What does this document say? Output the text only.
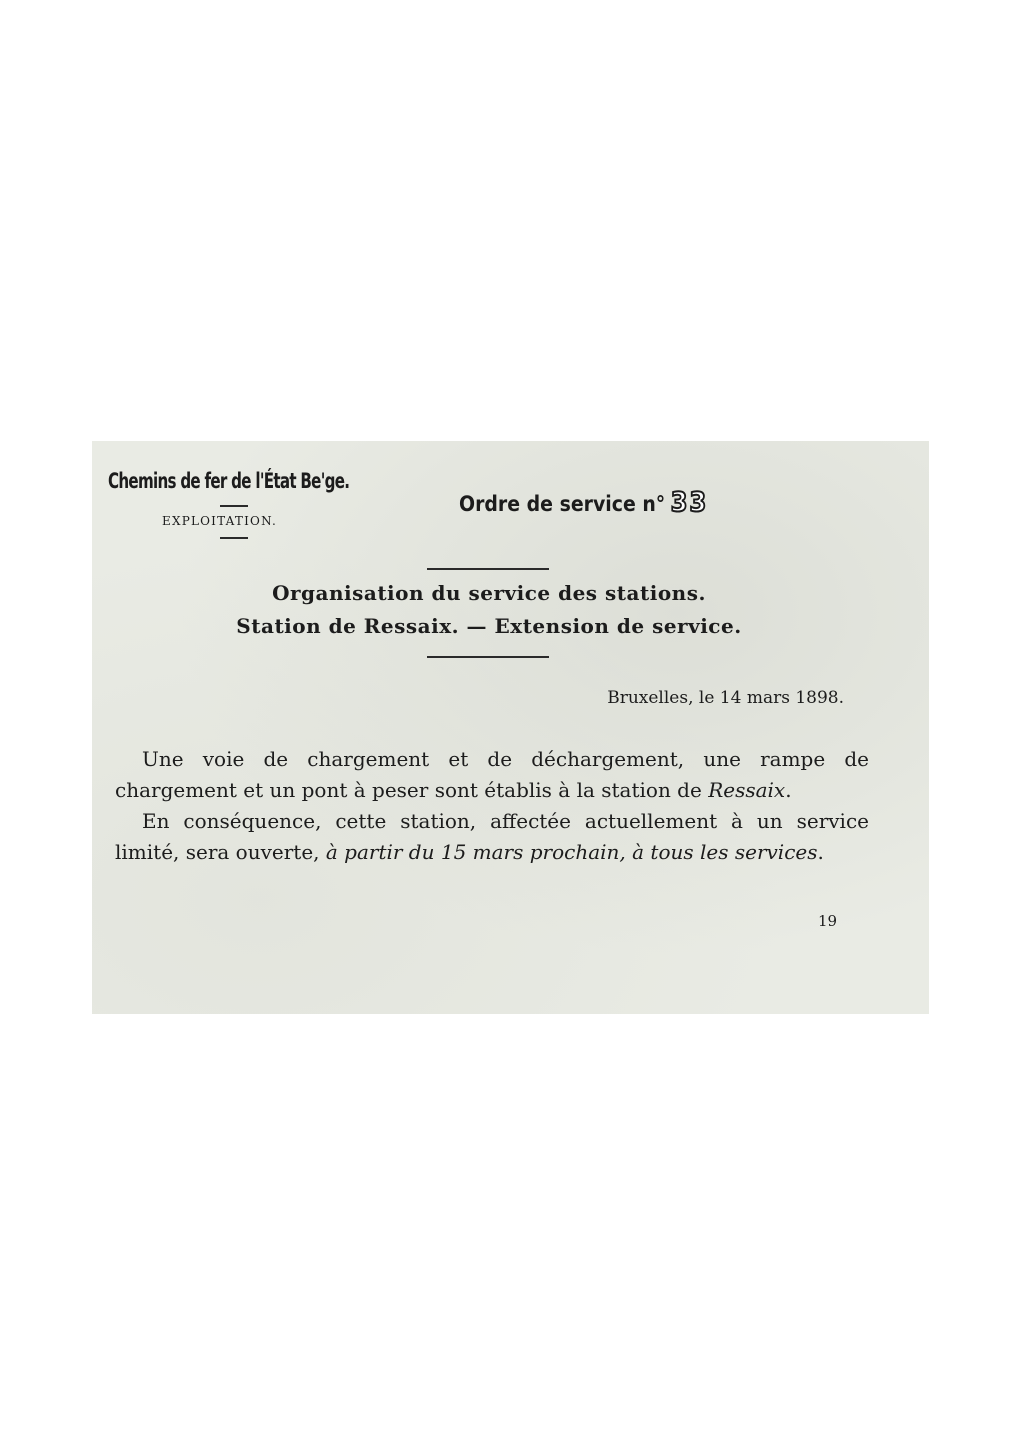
Chemins de fer de l'État Be'ge.
EXPLOITATION.
Ordre de service n° 33
Organisation du service des stations.
Station de Ressaix. — Extension de service.
Bruxelles, le 14 mars 1898.

Une voie de chargement et de déchargement, une rampe de chargement et un pont à peser sont établis à la station de Ressaix.

En conséquence, cette station, affectée actuellement à un service limité, sera ouverte, à partir du 15 mars prochain, à tous les services.

19
